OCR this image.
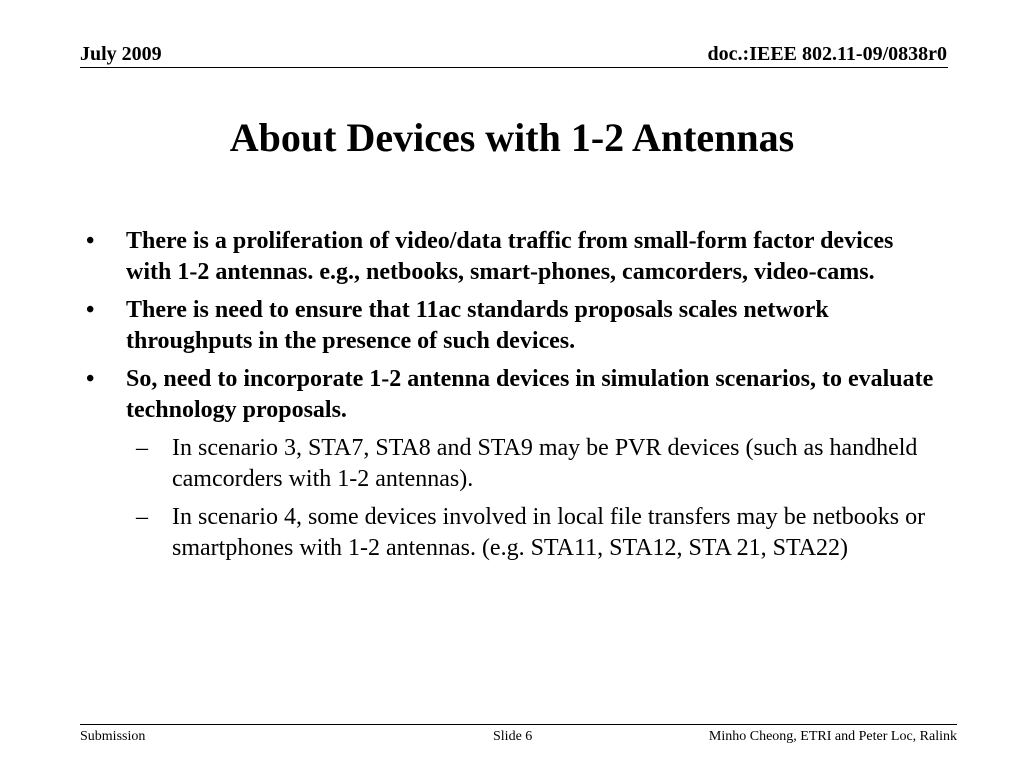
July 2009	doc.:IEEE 802.11-09/0838r0
About Devices with 1-2 Antennas
• There is a proliferation of video/data traffic from small-form factor devices with 1-2 antennas. e.g., netbooks, smart-phones, camcorders, video-cams.
• There is need to ensure that 11ac standards proposals scales network throughputs in the presence of such devices.
• So, need to incorporate 1-2 antenna devices in simulation scenarios, to evaluate technology proposals.
– In scenario 3, STA7, STA8 and STA9 may be PVR devices (such as handheld camcorders with 1-2 antennas).
– In scenario 4, some devices involved in local file transfers may be netbooks or smartphones with 1-2 antennas. (e.g. STA11, STA12, STA 21, STA22)
Submission	Slide 6	Minho Cheong, ETRI and Peter Loc, Ralink
